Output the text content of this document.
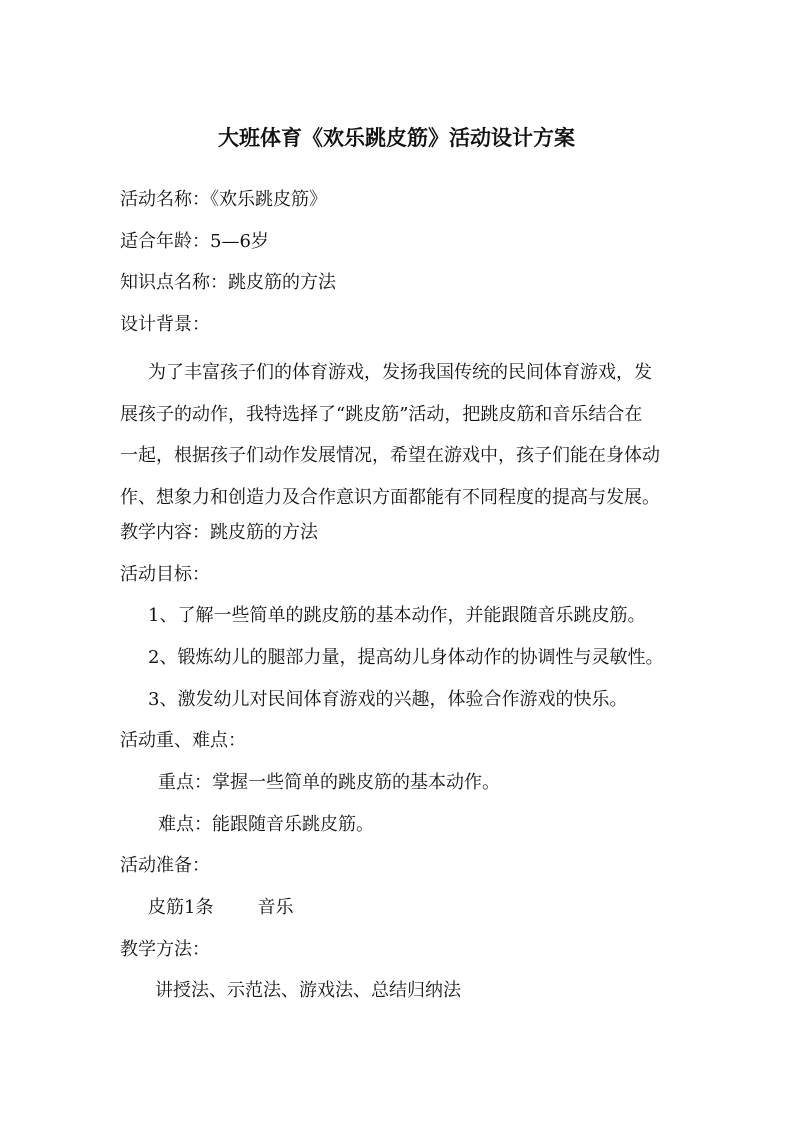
大班体育《欢乐跳皮筋》活动设计方案
活动名称：《欢乐跳皮筋》
适合年龄：5—6岁
知识点名称：跳皮筋的方法
设计背景：
为了丰富孩子们的体育游戏，发扬我国传统的民间体育游戏，发
展孩子的动作，我特选择了“跳皮筋”活动，把跳皮筋和音乐结合在
一起，根据孩子们动作发展情况，希望在游戏中，孩子们能在身体动
作、想象力和创造力及合作意识方面都能有不同程度的提高与发展。
教学内容：跳皮筋的方法
活动目标：
1、了解一些简单的跳皮筋的基本动作，并能跟随音乐跳皮筋。
2、锻炼幼儿的腿部力量，提高幼儿身体动作的协调性与灵敏性。
3、激发幼儿对民间体育游戏的兴趣，体验合作游戏的快乐。
活动重、难点：
重点：掌握一些简单的跳皮筋的基本动作。
难点：能跟随音乐跳皮筋。
活动准备：
皮筋1条 音乐
教学方法：
讲授法、示范法、游戏法、总结归纳法
